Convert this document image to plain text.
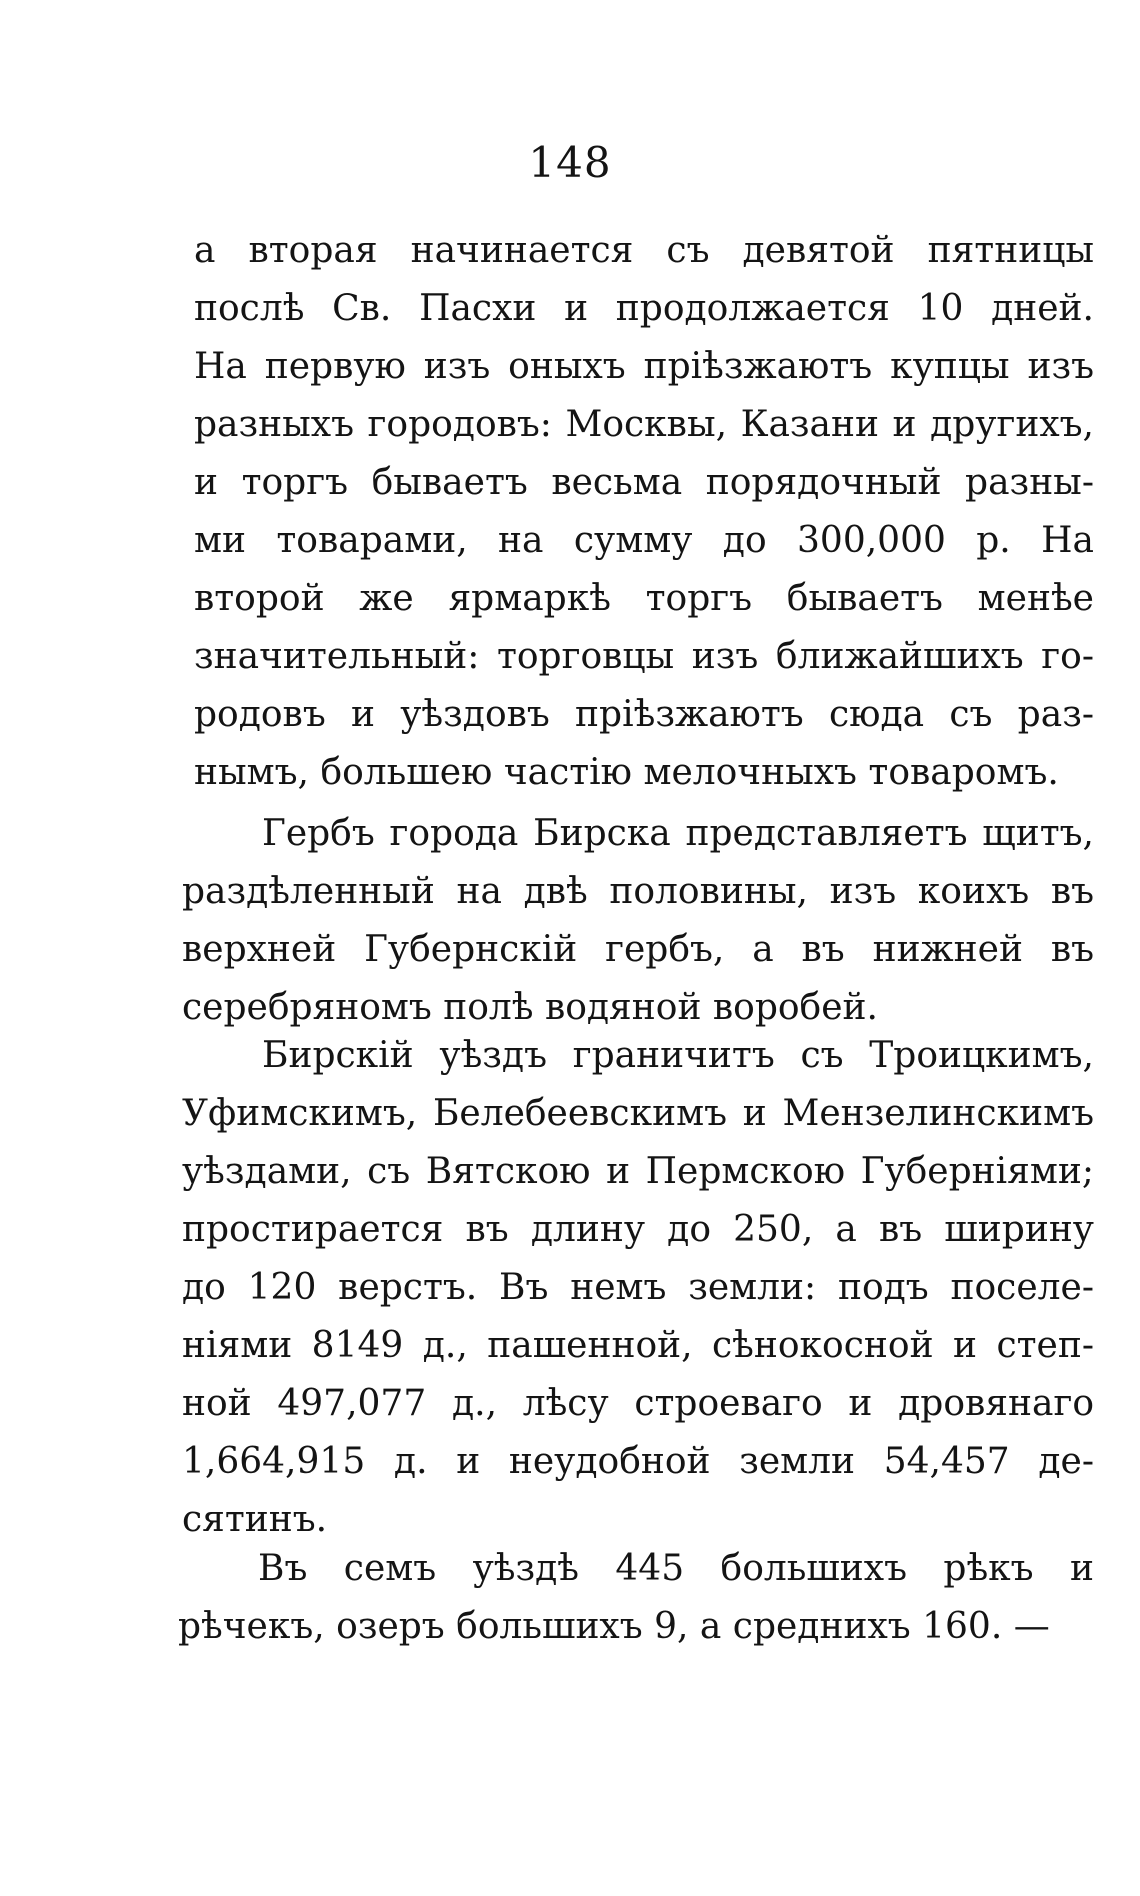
148
а вторая начинается съ девятой пятницы
послѣ Св. Пасхи и продолжается 10 дней.
На первую изъ оныхъ пріѣзжаютъ купцы изъ
разныхъ городовъ: Москвы, Казани и другихъ,
и торгъ бываетъ весьма порядочный разны-
ми товарами, на сумму до 300,000 р. На
второй же ярмаркѣ торгъ бываетъ менѣе
значительный: торговцы изъ ближайшихъ го-
родовъ и уѣздовъ пріѣзжаютъ сюда съ раз-
нымъ, большею частію мелочныхъ товаромъ.
Гербъ города Бирска представляетъ щитъ,
раздѣленный на двѣ половины, изъ коихъ въ
верхней Губернскій гербъ, а въ нижней въ
серебряномъ полѣ водяной воробей.
Бирскій уѣздъ граничитъ съ Троицкимъ,
Уфимскимъ, Белебеевскимъ и Мензелинскимъ
уѣздами, съ Вятскою и Пермскою Губерніями;
простирается въ длину до 250, а въ ширину
до 120 верстъ. Въ немъ земли: подъ поселе-
ніями 8149 д., пашенной, сѣнокосной и степ-
ной 497,077 д., лѣсу строеваго и дровянаго
1,664,915 д. и неудобной земли 54,457 де-
сятинъ.
Въ семъ уѣздѣ 445 большихъ рѣкъ и
рѣчекъ, озеръ большихъ 9, а среднихъ 160. —
